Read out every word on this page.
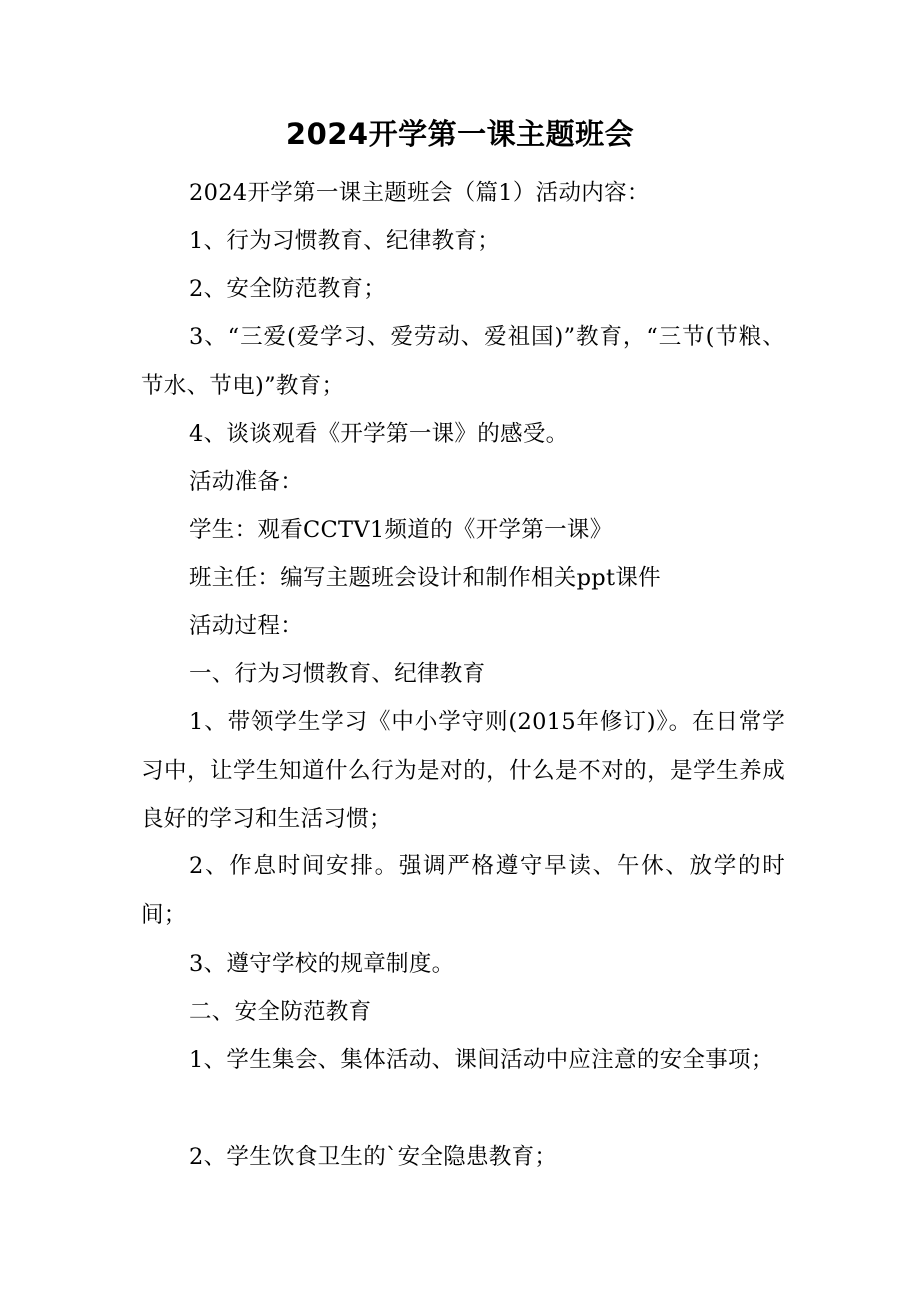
2024开学第一课主题班会

2024开学第一课主题班会（篇1）活动内容：

1、行为习惯教育、纪律教育；

2、安全防范教育；

3、“三爱(爱学习、爱劳动、爱祖国)”教育，“三节(节粮、节水、节电)”教育；

4、谈谈观看《开学第一课》的感受。

活动准备：

学生：观看CCTV1频道的《开学第一课》

班主任：编写主题班会设计和制作相关ppt课件

活动过程：

一、行为习惯教育、纪律教育

1、带领学生学习《中小学守则(2015年修订)》。在日常学习中，让学生知道什么行为是对的，什么是不对的，是学生养成良好的学习和生活习惯；

2、作息时间安排。强调严格遵守早读、午休、放学的时间；

3、遵守学校的规章制度。

二、安全防范教育

1、学生集会、集体活动、课间活动中应注意的安全事项；

2、学生饮食卫生的`安全隐患教育；
